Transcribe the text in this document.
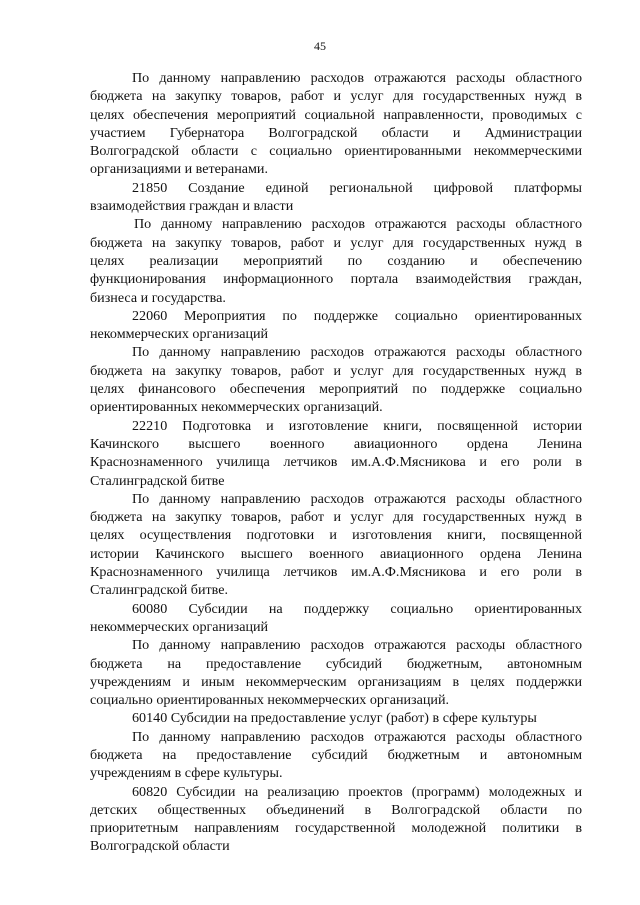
45
По данному направлению расходов отражаются расходы областного
бюджета на закупку товаров, работ и услуг для государственных нужд в
целях обеспечения мероприятий социальной направленности, проводимых с
участием Губернатора Волгоградской области и Администрации
Волгоградской области с социально ориентированными некоммерческими
организациями и ветеранами.
21850 Создание единой региональной цифровой платформы
взаимодействия граждан и власти
По данному направлению расходов отражаются расходы областного
бюджета на закупку товаров, работ и услуг для государственных нужд в
целях реализации мероприятий по созданию и обеспечению
функционирования информационного портала взаимодействия граждан,
бизнеса и государства.
22060 Мероприятия по поддержке социально ориентированных
некоммерческих организаций
По данному направлению расходов отражаются расходы областного
бюджета на закупку товаров, работ и услуг для государственных нужд в
целях финансового обеспечения мероприятий по поддержке социально
ориентированных некоммерческих организаций.
22210 Подготовка и изготовление книги, посвященной истории
Качинского высшего военного авиационного ордена Ленина
Краснознаменного училища летчиков им.А.Ф.Мясникова и его роли в
Сталинградской битве
По данному направлению расходов отражаются расходы областного
бюджета на закупку товаров, работ и услуг для государственных нужд в
целях осуществления подготовки и изготовления книги, посвященной
истории Качинского высшего военного авиационного ордена Ленина
Краснознаменного училища летчиков им.А.Ф.Мясникова и его роли в
Сталинградской битве.
60080 Субсидии на поддержку социально ориентированных
некоммерческих организаций
По данному направлению расходов отражаются расходы областного
бюджета на предоставление субсидий бюджетным, автономным
учреждениям и иным некоммерческим организациям в целях поддержки
социально ориентированных некоммерческих организаций.
60140 Субсидии на предоставление услуг (работ) в сфере культуры
По данному направлению расходов отражаются расходы областного
бюджета на предоставление субсидий бюджетным и автономным
учреждениям в сфере культуры.
60820 Субсидии на реализацию проектов (программ) молодежных и
детских общественных объединений в Волгоградской области по
приоритетным направлениям государственной молодежной политики в
Волгоградской области
